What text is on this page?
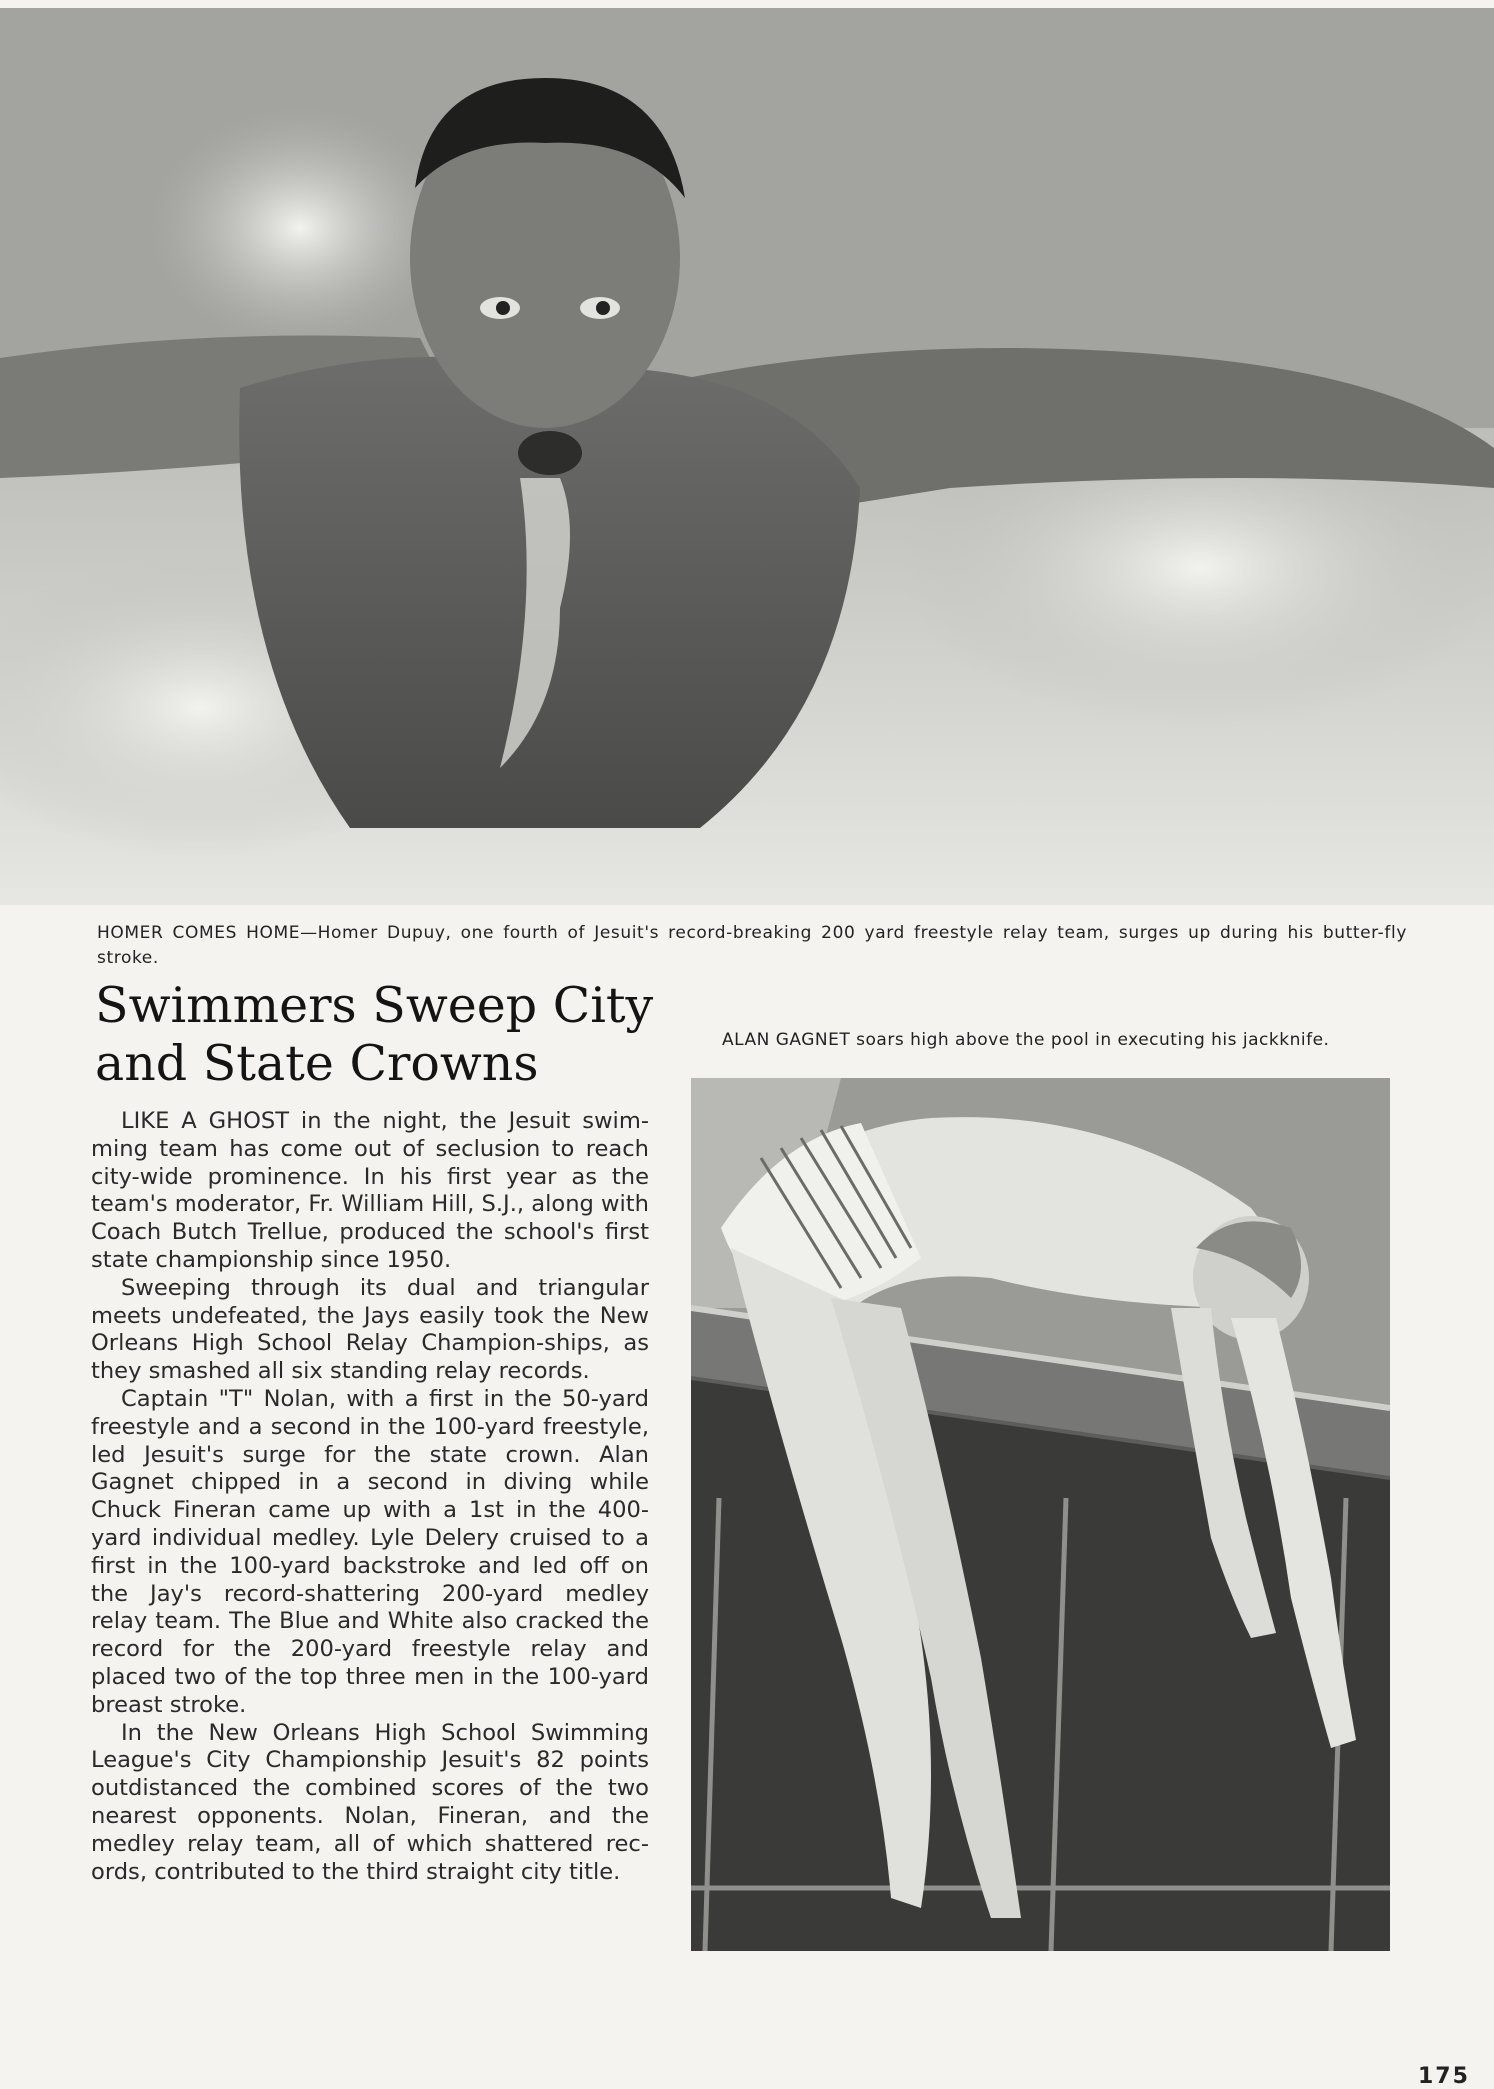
HOMER COMES HOME—Homer Dupuy, one fourth of Jesuit's record-breaking 200 yard freestyle relay team, surges up during his butter-fly stroke.
Swimmers Sweep City
and State Crowns

LIKE A GHOST in the night, the Jesuit swim-ming team has come out of seclusion to reach city-wide prominence. In his first year as the team's moderator, Fr. William Hill, S.J., along with Coach Butch Trellue, produced the school's first state championship since 1950.

Sweeping through its dual and triangular meets undefeated, the Jays easily took the New Orleans High School Relay Champion-ships, as they smashed all six standing relay records.

Captain "T" Nolan, with a first in the 50-yard freestyle and a second in the 100-yard freestyle, led Jesuit's surge for the state crown. Alan Gagnet chipped in a second in diving while Chuck Fineran came up with a 1st in the 400-yard individual medley. Lyle Delery cruised to a first in the 100-yard backstroke and led off on the Jay's record-shattering 200-yard medley relay team. The Blue and White also cracked the record for the 200-yard freestyle relay and placed two of the top three men in the 100-yard breast stroke.

In the New Orleans High School Swimming League's City Championship Jesuit's 82 points outdistanced the combined scores of the two nearest opponents. Nolan, Fineran, and the medley relay team, all of which shattered rec-ords, contributed to the third straight city title.

ALAN GAGNET soars high above the pool in executing his jackknife.
175
